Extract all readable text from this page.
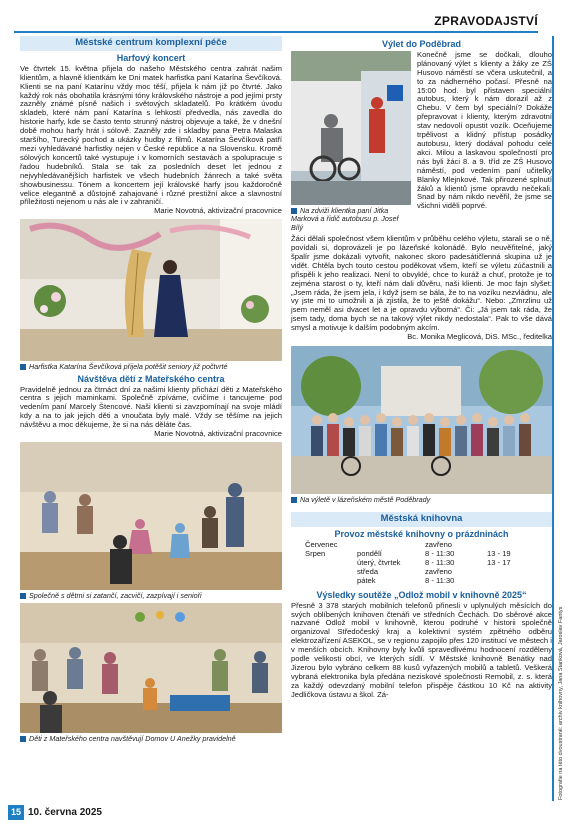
ZPRAVODAJSTVÍ
Městské centrum komplexní péče
Harfový koncert

Ve čtvrtek 15. května přijela do našeho Městského centra zahrát našim klientům, a hlavně klientkám ke Dni matek harfistka paní Katarína Ševčíková. Klienti se na paní Katarínu vždy moc těší, přijela k nám již po čtvrté. Jako každý rok nás obohatila krásnými tóny královského nástroje a pod jejími prsty zazněly známé písně našich i světových skladatelů. Po krátkém úvodu skladeb, které nám paní Katarína s lehkostí předvedla, nás zavedla do historie harfy, kde se často tento strunný nástroj objevuje a také, že v dnešní době mohou harfy hrát i sólově. Zazněly zde i skladby pana Petra Malaska staršího, Turecký pochod a ukázky hudby z filmů. Katarína Ševčíková patří mezi vyhledávané harfistky nejen v České republice a na Slovensku. Kromě sólových koncertů také vystupuje i v komorních sestavách a spolupracuje s řadou hudebníků. Stala se tak za posledních deset let jednou z nejvyhledávanějších harfistek ve všech hudebních žánrech a také světa showbusinessu. Tónem a koncertem její královské harfy jsou každoročně velice elegantně a důstojně zahajované i různé prestižní akce a slavnostní příležitosti nejenom u nás ale i v zahraničí.

Marie Novotná, aktivizační pracovnice

Harfistka Katarína Ševčíková přijela potěšit seniory již počtvrté
Návštěva dětí z Mateřského centra

Pravidelně jednou za čtrnáct dní za našimi klienty přichází děti z Mateřského centra s jejich maminkami. Společně zpíváme, cvičíme i tancujeme pod vedením paní Marcely Štencové. Naši klienti si zavzpomínají na svoje mládí kdy a na to jak jejich děti a vnoučata byly malé. Vždy se těšíme na jejich návštěvu a moc děkujeme, že si na nás děláte čas.

Marie Novotná, aktivizační pracovnice

Společně s dětmi si zatančí, zacvičí, zazpívají i senioři
Děti z Mateřského centra navštěvují Domov U Anežky pravidelně
Výlet do Poděbrad
Na zdviži klientka paní Jitka Marková a řidič autobusu p. Josef Bílý

Konečně jsme se dočkali, dlouho plánovaný výlet s klienty a žáky ze ZŠ Husovo náměstí se včera uskutečnil, a to za nádherného počasí. Přesně na 15:00 hod. byl přistaven speciální autobus, který k nám dorazil až z Chebu. V čem byl speciální? Dokáže přepravovat i klienty, kterým zdravotní stav nedovolí opustit vozík. Oceňujeme trpělivost a klidný přístup posádky autobusu, který dodával pohodu celé akci. Milou a laskavou společností pro nás byli žáci 8. a 9. tříd ze ZŠ Husovo náměstí, pod vedením paní učitelky Blanky Mlejnkové. Tak přirozené splnutí žáků a klientů jsme opravdu nečekali. Snad by nám nikdo nevěřil, že jsme se všichni viděli poprvé.

Žáci dělali společnost všem klientům v průběhu celého výletu, starali se o ně, povídali si, doprovázeli je po lázeňské kolonádě. Bylo neuvěřitelné, jaký špalír jsme dokázali vytvořit, nakonec skoro padesátičlenná skupina už je vidět. Chtěla bych touto cestou poděkovat všem, kteří se výletu zúčastnili a přispěli k jeho realizaci. Není to obvyklé, chce to kuráž a chuť, protože je to zejména starost o ty, kteří nám dali důvěru, naši klienti. Je moc fajn slyšet: „Jsem ráda, že jsem jela, i když jsem se bála, že to na vozíku nezvládnu, ale vy jste mi to umožnili a já zjistila, že to ještě dokážu“. Nebo: „Zmrzlinu už jsem neměl asi dvacet let a je opravdu výborná“. Či: „Já jsem tak ráda, že jsem tady, doma bych se na takový výlet nikdy nedostala“. Pak to vše dává smysl a motivuje k dalším podobným akcím.

Bc. Monika Meglicová, DiS. MSc., ředitelka

Na výletě v lázeňském městě Poděbrady
Městská knihovna
Provoz městské knihovny o prázdninách
Červenec		zavřeno	
Srpen	pondělí	8 - 11:30	13 - 19
	úterý, čtvrtek	8 - 11:30	13 - 17
	středa	zavřeno	
	pátek	8 - 11:30	
Výsledky soutěže „Odlož mobil v knihovně 2025“

Přesně 3 378 starých mobilních telefonů přinesli v uplynulých měsících do svých oblíbených knihoven čtenáři ve středních Čechách. Do sběrové akce nazvané Odlož mobil v knihovně, kterou podruhé v historii společně organizoval Středočeský kraj a kolektivní systém zpětného odběru elektrozařízení ASEKOL, se v regionu zapojilo přes 120 institucí ve městech i v menších obcích. Knihovny byly kvůli spravedlivému hodnocení rozděleny podle velikosti obcí, ve kterých sídlí. V Městské knihovně Benátky nad Jizerou bylo vybráno celkem 88 kusů vyřazených mobilů a tabletů. Veškerá vybraná elektronika byla předána neziskové společnosti Remobil, z. s. která za každý odevzdaný mobilní telefon přispěje částkou 10 Kč na aktivity Jedličkova ústavu a škol. Zá-	Fotografie na této dvoustraně: archiv knihovny, Jana Stanková, Jaroslav Fantys
15 10. června 2025
